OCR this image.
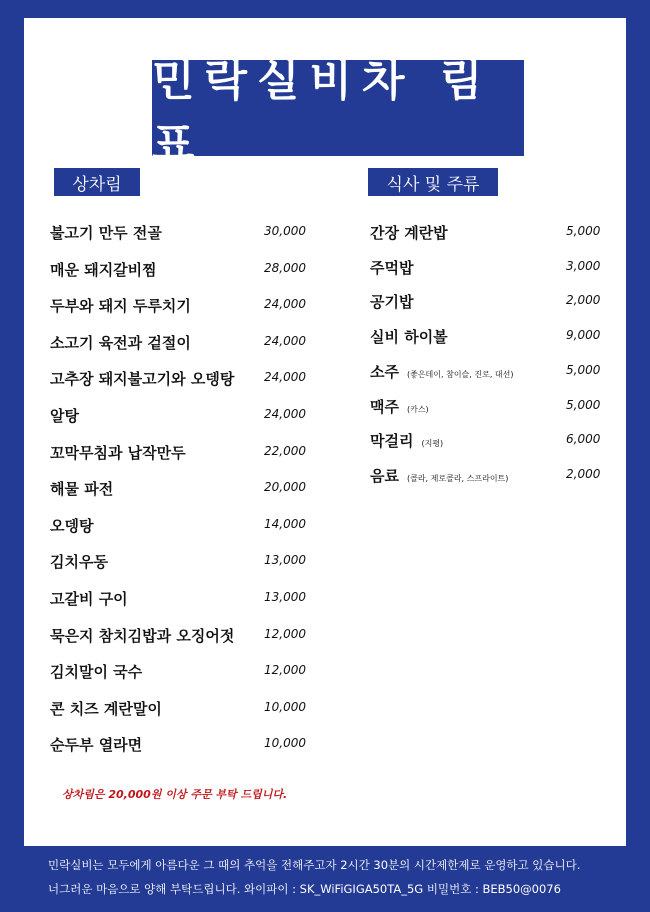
민락실비차 림표
상차림	식사 및 주류
불고기 만두 전골	30,000
매운 돼지갈비찜	28,000
두부와 돼지 두루치기	24,000
소고기 육전과 겉절이	24,000
고추장 돼지불고기와 오뎅탕 24,000
알탕	24,000
꼬막무침과 납작만두	22,000
해물 파전	20,000
오뎅탕	14,000
김치우동	13,000
고갈비 구이	13,000
묵은지 참치김밥과 오징어젓 12,000
김치말이 국수	12,000
콘 치즈 계란말이	10,000
순두부 열라면	10,000
간장 계란밥	5,000
주먹밥	3,000
공기밥	2,000
실비 하이볼	9,000
소주 (좋은데이, 참이슬, 진로, 대선)	5,000
맥주 (카스)	5,000
막걸리 (지평)	6,000
음료 (콜라, 제로콜라, 스프라이트)	2,000
상차림은 20,000원 이상 주문 부탁 드립니다.
민락실비는 모두에게 아름다운 그 때의 추억을 전해주고자 2시간 30분의 시간제한제로 운영하고 있습니다.
너그러운 마음으로 양해 부탁드립니다. 와이파이 : SK_WiFiGIGA50TA_5G 비밀번호 : BEB50@0076
